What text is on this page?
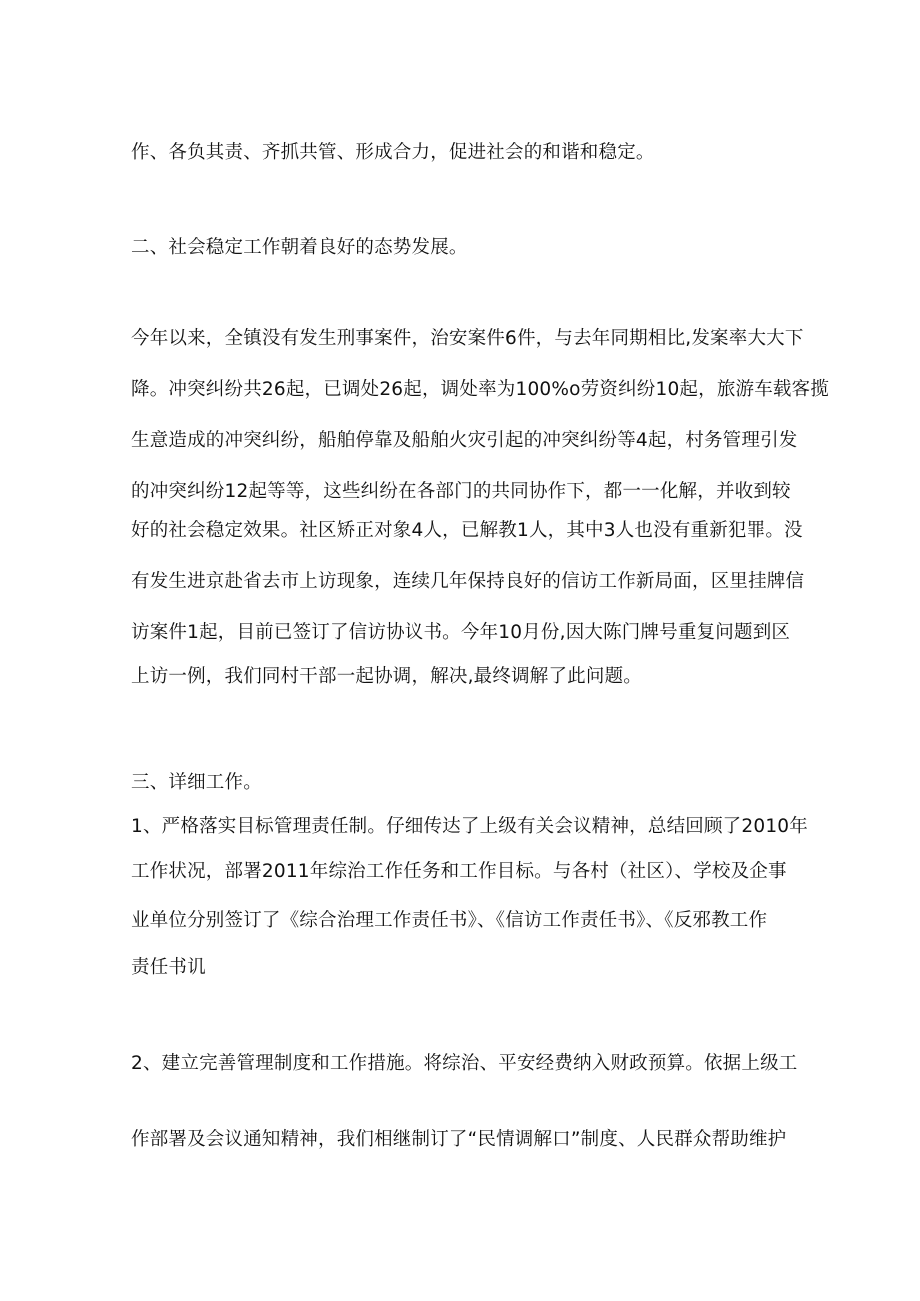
作、各负其责、齐抓共管、形成合力，促进社会的和谐和稳定。
二、社会稳定工作朝着良好的态势发展。
今年以来，全镇没有发生刑事案件，治安案件6件，与去年同期相比,发案率大大下
降。冲突纠纷共26起，已调处26起，调处率为100%o劳资纠纷10起，旅游车载客揽
生意造成的冲突纠纷，船舶停靠及船舶火灾引起的冲突纠纷等4起，村务管理引发
的冲突纠纷12起等等，这些纠纷在各部门的共同协作下，都一一化解，并收到较
好的社会稳定效果。社区矫正对象4人，已解教1人，其中3人也没有重新犯罪。没
有发生进京赴省去市上访现象，连续几年保持良好的信访工作新局面，区里挂牌信
访案件1起，目前已签订了信访协议书。今年10月份,因大陈门牌号重复问题到区
上访一例，我们同村干部一起协调，解决,最终调解了此问题。
三、详细工作。
1、严格落实目标管理责任制。仔细传达了上级有关会议精神，总结回顾了2010年
工作状况，部署2011年综治工作任务和工作目标。与各村（社区）、学校及企事
业单位分别签订了《综合治理工作责任书》、《信访工作责任书》、《反邪教工作
责任书讥
2、建立完善管理制度和工作措施。将综治、平安经费纳入财政预算。依据上级工
作部署及会议通知精神，我们相继制订了“民情调解口”制度、人民群众帮助维护
